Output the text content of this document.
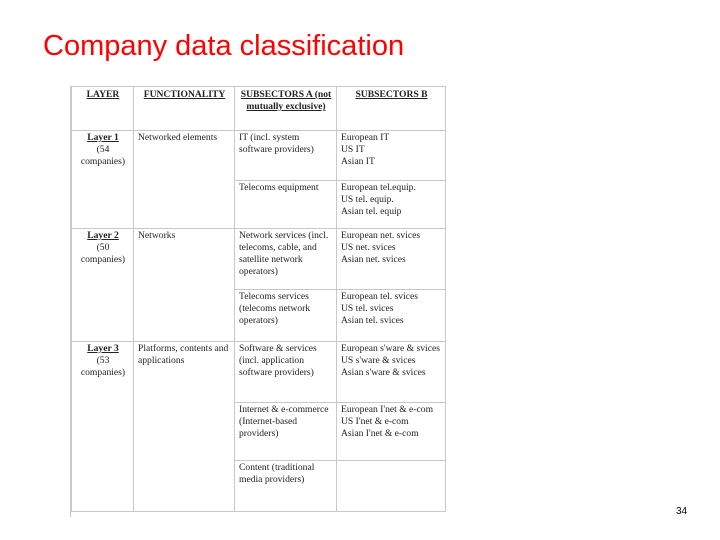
Company data classification
LAYER	FUNCTIONALITY	SUBSECTORS A (not mutually exclusive)	SUBSECTORS B

Layer 1
(54 companies)	Networked elements	IT (incl. system software providers)	European IT
US IT
Asian IT

		Telecoms equipment	European tel.equip.
US tel. equip.
Asian tel. equip

Layer 2
(50 companies)	Networks	Network services (incl. telecoms, cable, and satellite network operators)	European net. svices
US net. svices
Asian net. svices

		Telecoms services (telecoms network operators)	European tel. svices
US tel. svices
Asian tel. svices

Layer 3
(53 companies)	Platforms, contents and applications	Software & services (incl. application software providers)	European s'ware & svices
US s'ware & svices
Asian s'ware & svices

		Internet & e-commerce (Internet-based providers)	European I'net & e-com
US I'net & e-com
Asian I'net & e-com

		Content (traditional media providers)	
34
